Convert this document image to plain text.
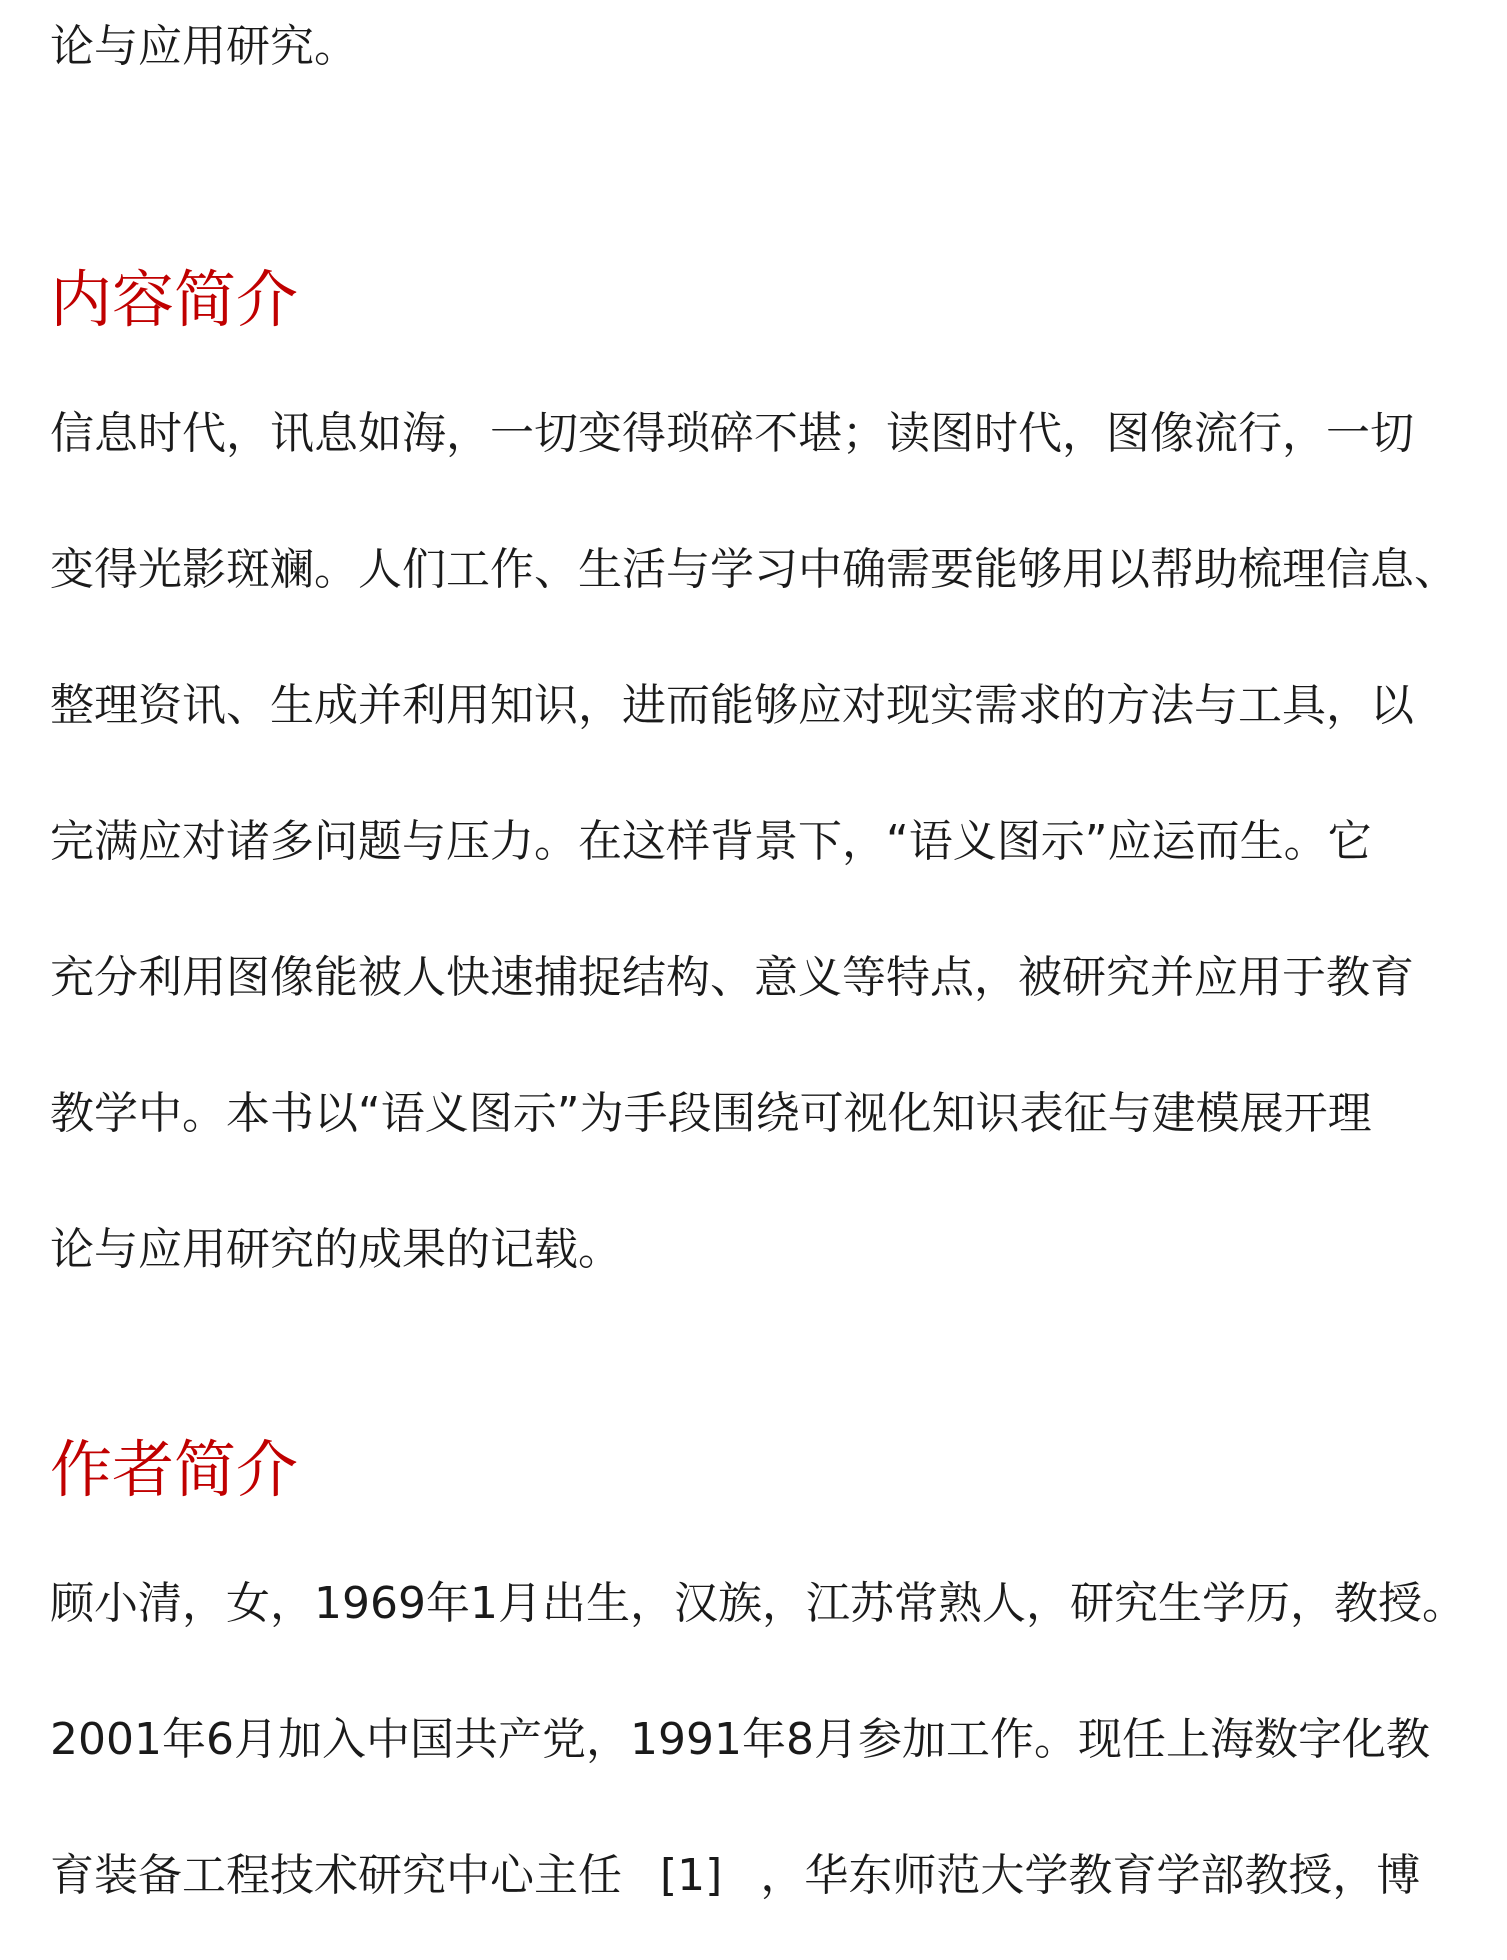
论与应用研究。
内容简介
信息时代，讯息如海，一切变得琐碎不堪；读图时代，图像流行，一切
变得光影斑斓。人们工作、生活与学习中确需要能够用以帮助梳理信息、
整理资讯、生成并利用知识，进而能够应对现实需求的方法与工具，以
完满应对诸多问题与压力。在这样背景下，“语义图示”应运而生。它
充分利用图像能被人快速捕捉结构、意义等特点，被研究并应用于教育
教学中。本书以“语义图示”为手段围绕可视化知识表征与建模展开理
论与应用研究的成果的记载。
作者简介
顾小清，女，1969年1月出生，汉族，江苏常熟人，研究生学历，教授。
2001年6月加入中国共产党，1991年8月参加工作。现任上海数字化教
育装备工程技术研究中心主任 [1] ，华东师范大学教育学部教授，博
